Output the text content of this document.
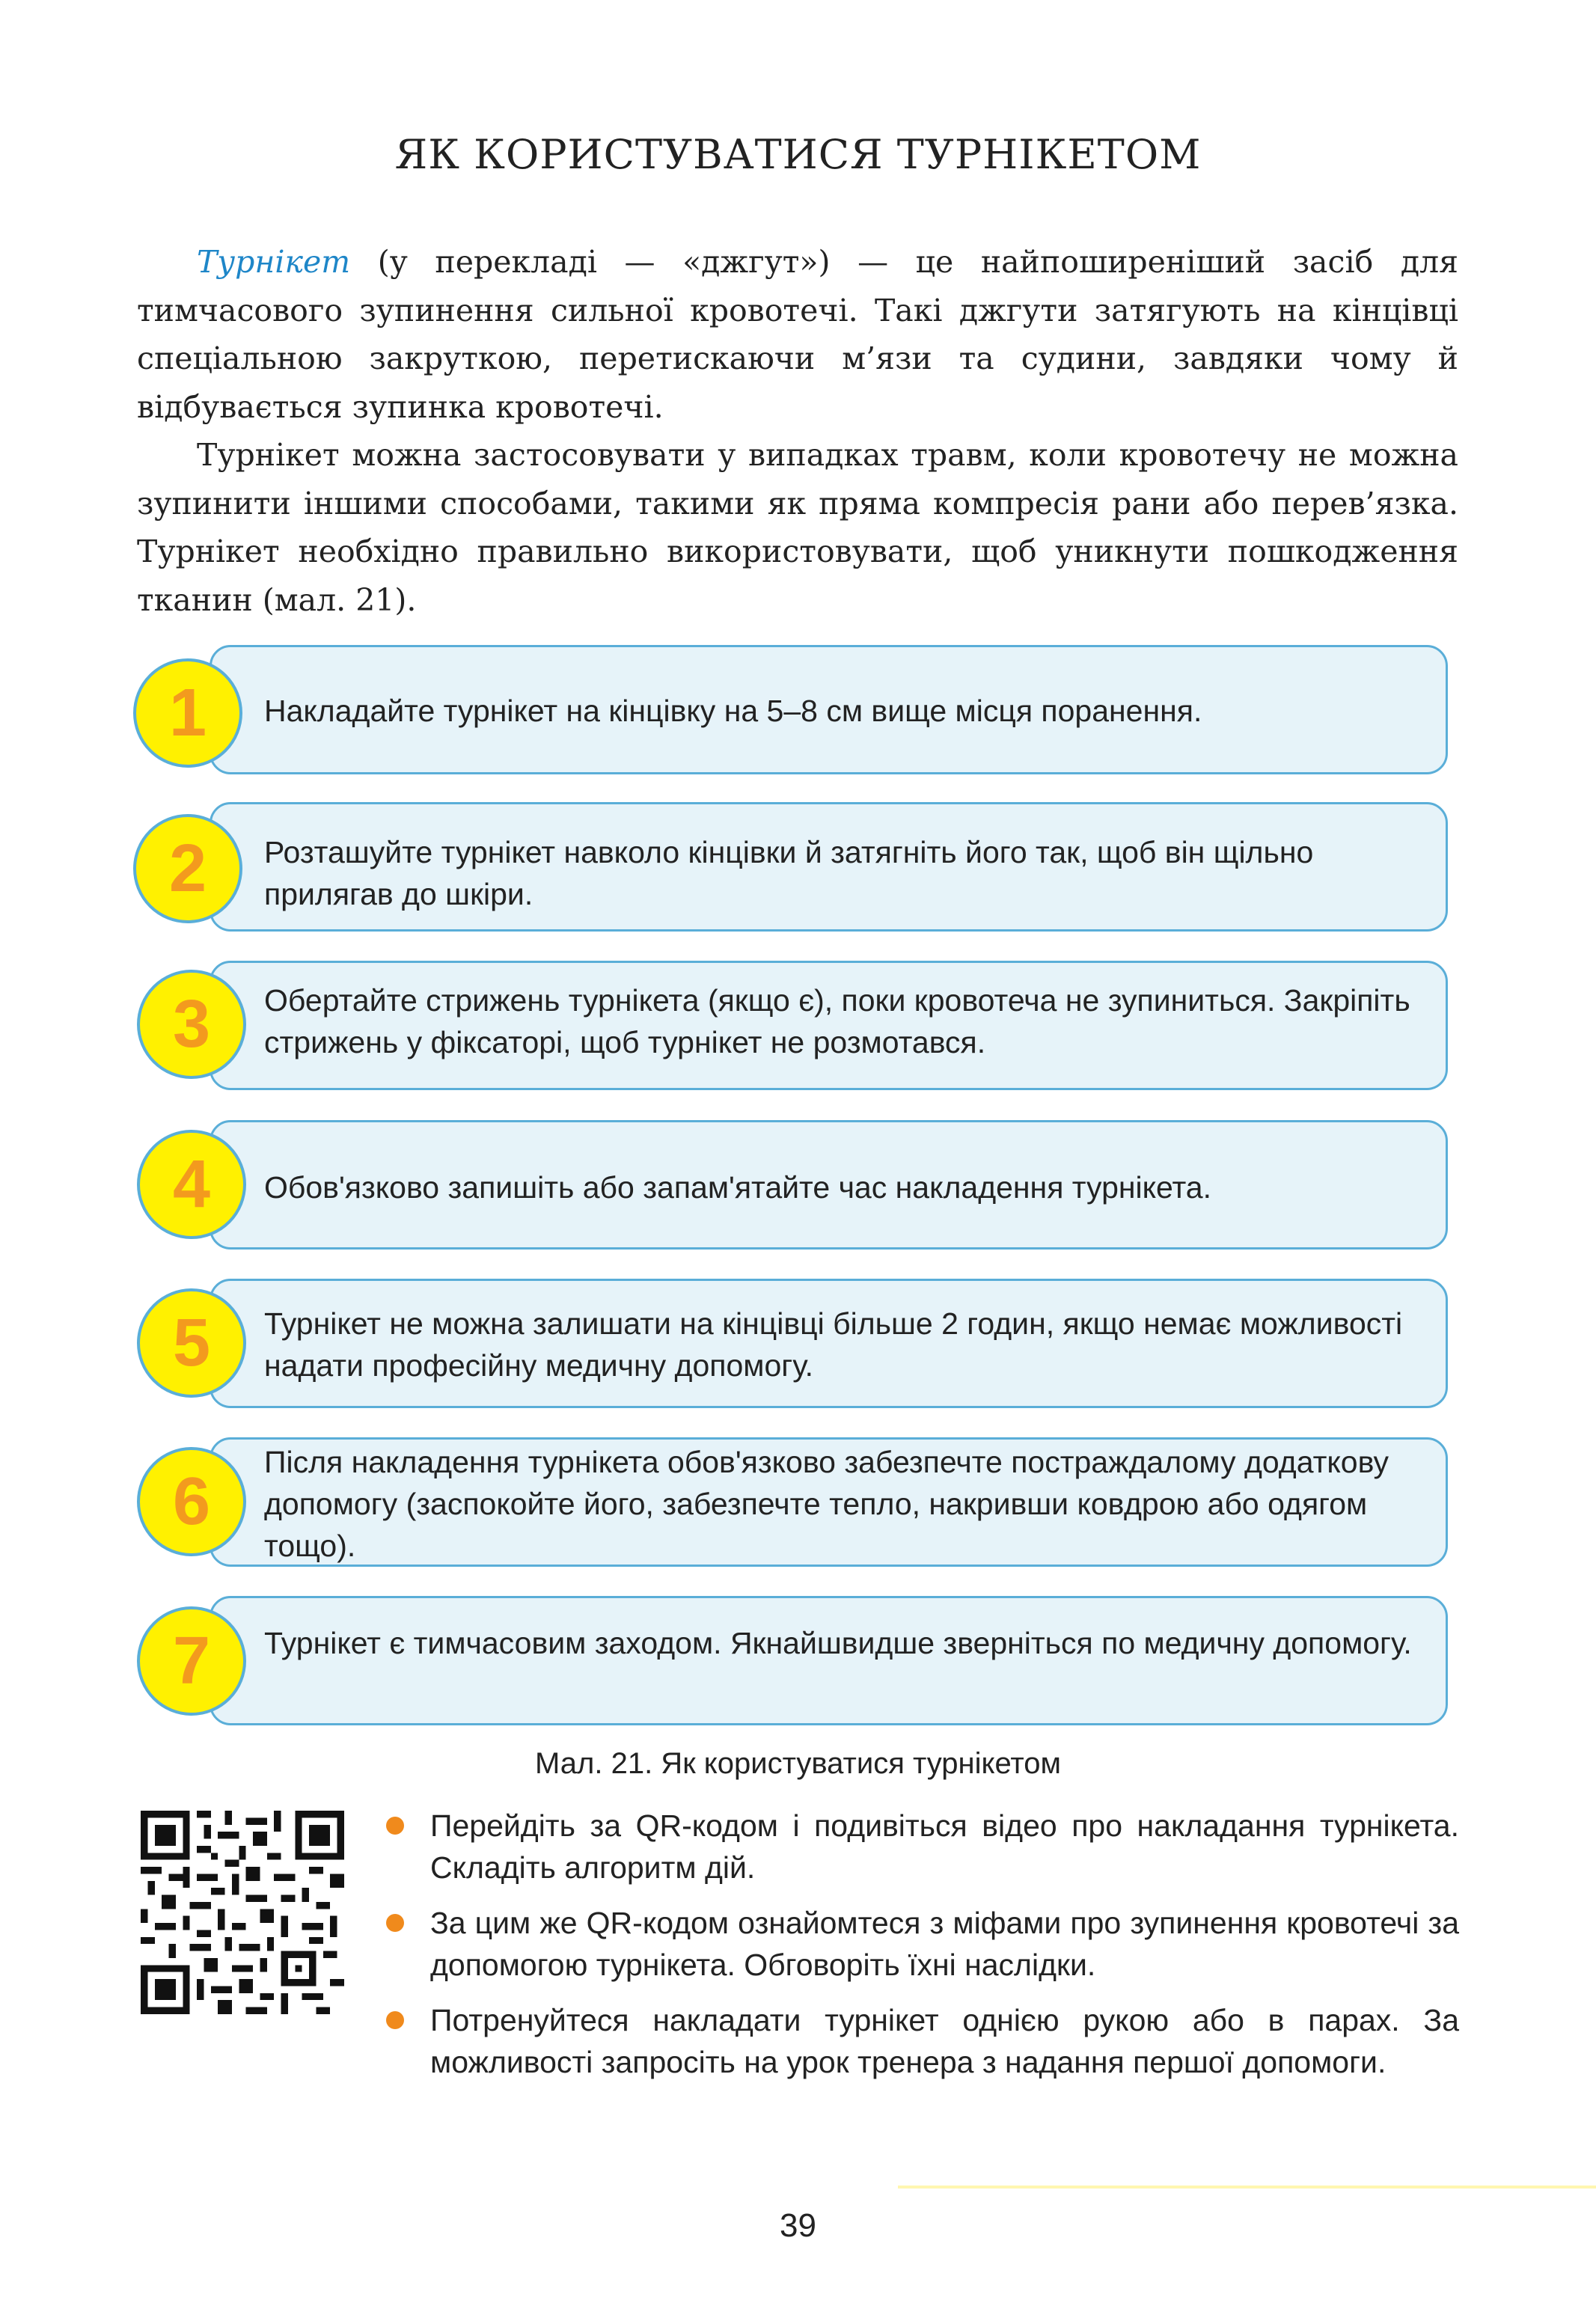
ЯК КОРИСТУВАТИСЯ ТУРНІКЕТОМ

Турнікет (у перекладі — «джгут») — це найпоширеніший засіб для тимчасового зупинення сильної кровотечі. Такі джгути затягують на кінцівці спеціальною закруткою, перетискаючи м’язи та судини, завдяки чому й відбувається зупинка кровотечі.

Турнікет можна застосовувати у випадках травм, коли кровотечу не можна зупинити іншими способами, такими як пряма компресія рани або перев’язка. Турнікет необхідно правильно використовувати, щоб уникнути пошкодження тканин (мал. 21).

Накладайте турнікет на кінцівку на 5–8 см вище місця поранення.
1
Розташуйте турнікет навколо кінцівки й затягніть його так, щоб він щільно прилягав до шкіри.
2
Обертайте стрижень турнікета (якщо є), поки кровотеча не зупиниться. Закріпіть стрижень у фіксаторі, щоб турнікет не розмотався.
3
Обов'язково запишіть або запам'ятайте час накладення турнікета.
4
Турнікет не можна залишати на кінцівці більше 2 годин, якщо немає можливості надати професійну медичну допомогу.
5
Після накладення турнікета обов'язково забезпечте постраждалому додаткову допомогу (заспокойте його, забезпечте тепло, накривши ковдрою або одягом тощо).
6
Турнікет є тимчасовим заходом. Якнайшвидше зверніться по медичну допомогу.
7
Мал. 21. Як користуватися турнікетом
Перейдіть за QR-кодом і подивіться відео про накладання турнікета. Складіть алгоритм дій.
За цим же QR-кодом ознайомтеся з міфами про зупинення кровотечі за допомогою турнікета. Обговоріть їхні наслідки.
Потренуйтеся накладати турнікет однією рукою або в парах. За можливості запросіть на урок тренера з надання першої допомоги.
39
